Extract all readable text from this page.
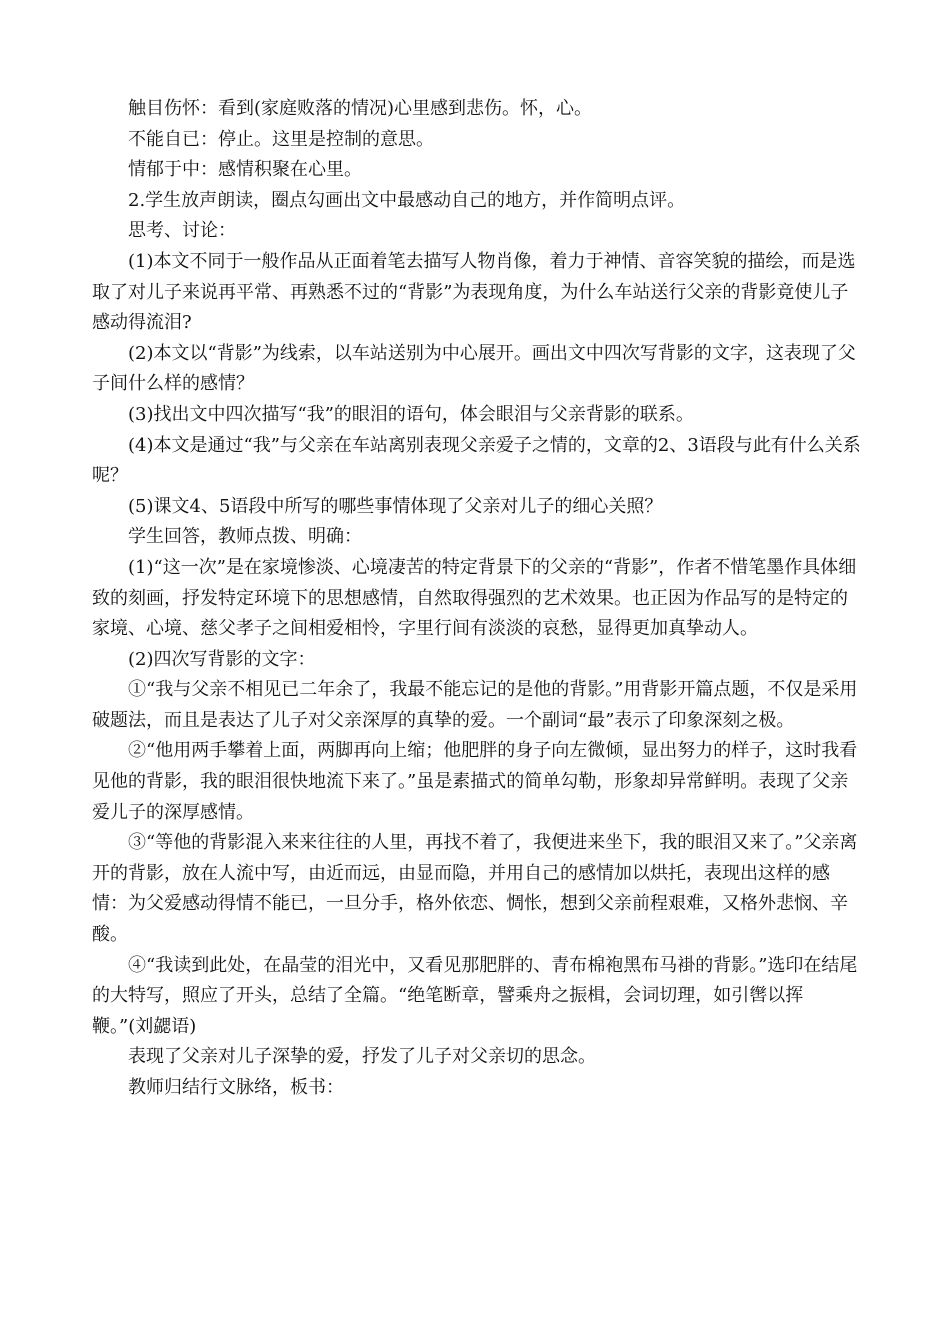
触目伤怀：看到(家庭败落的情况)心里感到悲伤。怀，心。

不能自已：停止。这里是控制的意思。

情郁于中：感情积聚在心里。

2.学生放声朗读，圈点勾画出文中最感动自己的地方，并作简明点评。

思考、讨论：

(1)本文不同于一般作品从正面着笔去描写人物肖像，着力于神情、音容笑貌的描绘，而是选取了对儿子来说再平常、再熟悉不过的“背影”为表现角度，为什么车站送行父亲的背影竟使儿子感动得流泪?

(2)本文以“背影”为线索，以车站送别为中心展开。画出文中四次写背影的文字，这表现了父子间什么样的感情？

(3)找出文中四次描写“我”的眼泪的语句，体会眼泪与父亲背影的联系。

(4)本文是通过“我”与父亲在车站离别表现父亲爱子之情的，文章的2、3语段与此有什么关系呢？

(5)课文4、5语段中所写的哪些事情体现了父亲对儿子的细心关照？

学生回答，教师点拨、明确：

(1)“这一次”是在家境惨淡、心境凄苦的特定背景下的父亲的“背影”，作者不惜笔墨作具体细致的刻画，抒发特定环境下的思想感情，自然取得强烈的艺术效果。也正因为作品写的是特定的家境、心境、慈父孝子之间相爱相怜，字里行间有淡淡的哀愁，显得更加真挚动人。

(2)四次写背影的文字：

①“我与父亲不相见已二年余了，我最不能忘记的是他的背影。”用背影开篇点题，不仅是采用破题法，而且是表达了儿子对父亲深厚的真挚的爱。一个副词“最”表示了印象深刻之极。

②“他用两手攀着上面，两脚再向上缩；他肥胖的身子向左微倾，显出努力的样子，这时我看见他的背影，我的眼泪很快地流下来了。”虽是素描式的简单勾勒，形象却异常鲜明。表现了父亲爱儿子的深厚感情。

③“等他的背影混入来来往往的人里，再找不着了，我便进来坐下，我的眼泪又来了。”父亲离开的背影，放在人流中写，由近而远，由显而隐，并用自己的感情加以烘托，表现出这样的感情：为父爱感动得情不能已，一旦分手，格外依恋、惆怅，想到父亲前程艰难，又格外悲悯、辛酸。

④“我读到此处，在晶莹的泪光中，又看见那肥胖的、青布棉袍黑布马褂的背影。”选印在结尾的大特写，照应了开头，总结了全篇。“绝笔断章，譬乘舟之振楫，会词切理，如引辔以挥鞭。”(刘勰语)

表现了父亲对儿子深挚的爱，抒发了儿子对父亲切的思念。

教师归结行文脉络，板书：
